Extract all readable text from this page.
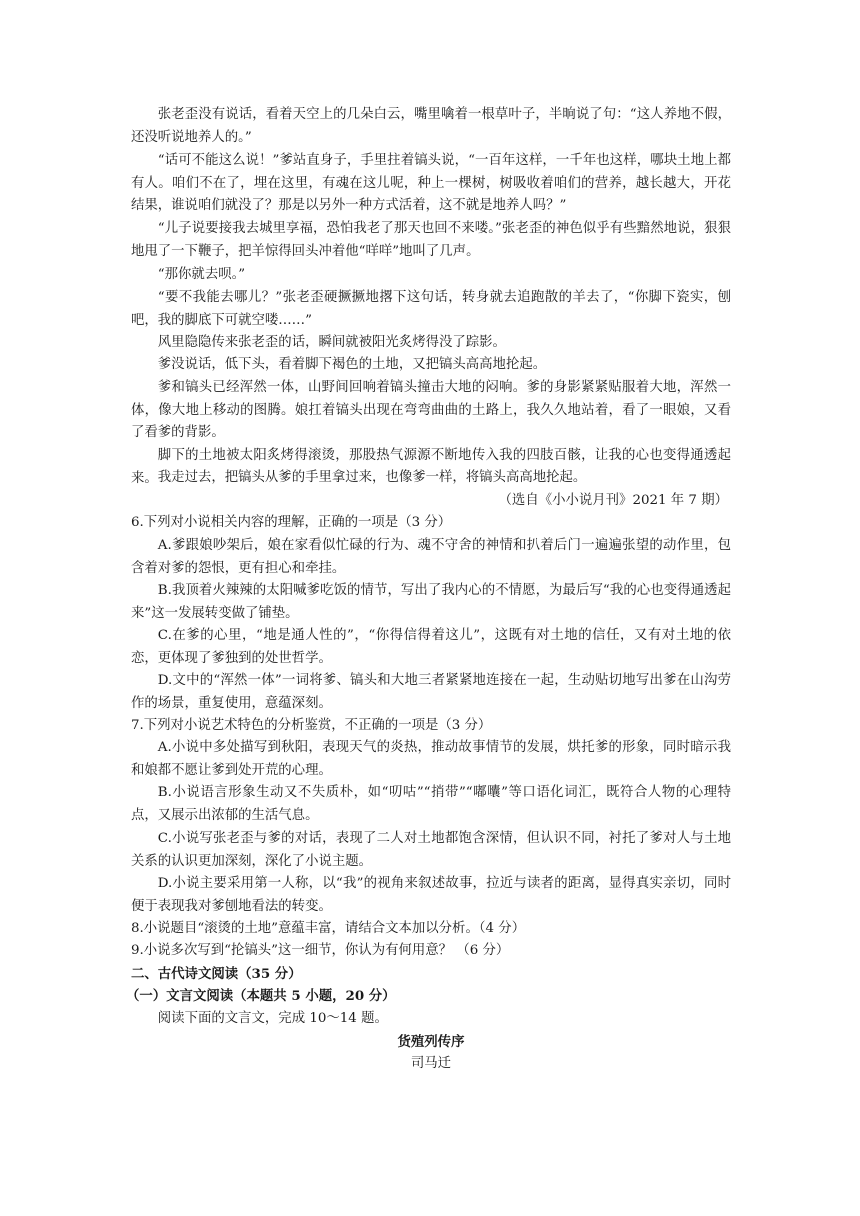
张老歪没有说话，看着天空上的几朵白云，嘴里噙着一根草叶子，半晌说了句：“这人养地不假，还没听说地养人的。”

“话可不能这么说！”爹站直身子，手里拄着镐头说，“一百年这样，一千年也这样，哪块土地上都有人。咱们不在了，埋在这里，有魂在这儿呢，种上一棵树，树吸收着咱们的营养，越长越大，开花结果，谁说咱们就没了？那是以另外一种方式活着，这不就是地养人吗？”

“儿子说要接我去城里享福，恐怕我老了那天也回不来喽。”张老歪的神色似乎有些黯然地说，狠狠地甩了一下鞭子，把羊惊得回头冲着他“咩咩”地叫了几声。

“那你就去呗。”

“要不我能去哪儿？”张老歪硬撅撅地撂下这句话，转身就去追跑散的羊去了，“你脚下瓷实，刨吧，我的脚底下可就空喽……”

风里隐隐传来张老歪的话，瞬间就被阳光炙烤得没了踪影。

爹没说话，低下头，看着脚下褐色的土地，又把镐头高高地抡起。

爹和镐头已经浑然一体，山野间回响着镐头撞击大地的闷响。爹的身影紧紧贴服着大地，浑然一体，像大地上移动的图腾。娘扛着镐头出现在弯弯曲曲的土路上，我久久地站着，看了一眼娘，又看了看爹的背影。

脚下的土地被太阳炙烤得滚烫，那股热气源源不断地传入我的四肢百骸，让我的心也变得通透起来。 我走过去，把镐头从爹的手里拿过来，也像爹一样，将镐头高高地抡起。

（选自《小小说月刊》2021 年 7 期）
6.下列对小说相关内容的理解，正确的一项是（3 分）
A.爹跟娘吵架后，娘在家看似忙碌的行为、魂不守舍的神情和扒着后门一遍遍张望的动作里，包含着对爹的怨恨，更有担心和牵挂。
B.我顶着火辣辣的太阳喊爹吃饭的情节，写出了我内心的不情愿，为最后写“我的心也变得通透起来”这一发展转变做了铺垫。
C.在爹的心里，“地是通人性的”，“你得信得着这儿”，这既有对土地的信任，又有对土地的依恋，更体现了爹独到的处世哲学。
D.文中的“浑然一体”一词将爹、镐头和大地三者紧紧地连接在一起，生动贴切地写出爹在山沟劳作的场景，重复使用，意蕴深刻。
7.下列对小说艺术特色的分析鉴赏，不正确的一项是（3 分）
A.小说中多处描写到秋阳，表现天气的炎热，推动故事情节的发展，烘托爹的形象，同时暗示我和娘都不愿让爹到处开荒的心理。
B.小说语言形象生动又不失质朴，如“叨咕”“捎带”“嘟囔”等口语化词汇，既符合人物的心理特点，又展示出浓郁的生活气息。
C.小说写张老歪与爹的对话，表现了二人对土地都饱含深情，但认识不同，衬托了爹对人与土地关系的认识更加深刻，深化了小说主题。
D.小说主要采用第一人称，以“我”的视角来叙述故事，拉近与读者的距离，显得真实亲切，同时便于表现我对爹刨地看法的转变。
8.小说题目“滚烫的土地”意蕴丰富，请结合文本加以分析。（4 分）
9.小说多次写到“抡镐头”这一细节，你认为有何用意？ （6 分）
二、古代诗文阅读（35 分）
（一）文言文阅读（本题共 5 小题，20 分）
阅读下面的文言文，完成 10～14 题。
货殖列传序
司马迁
